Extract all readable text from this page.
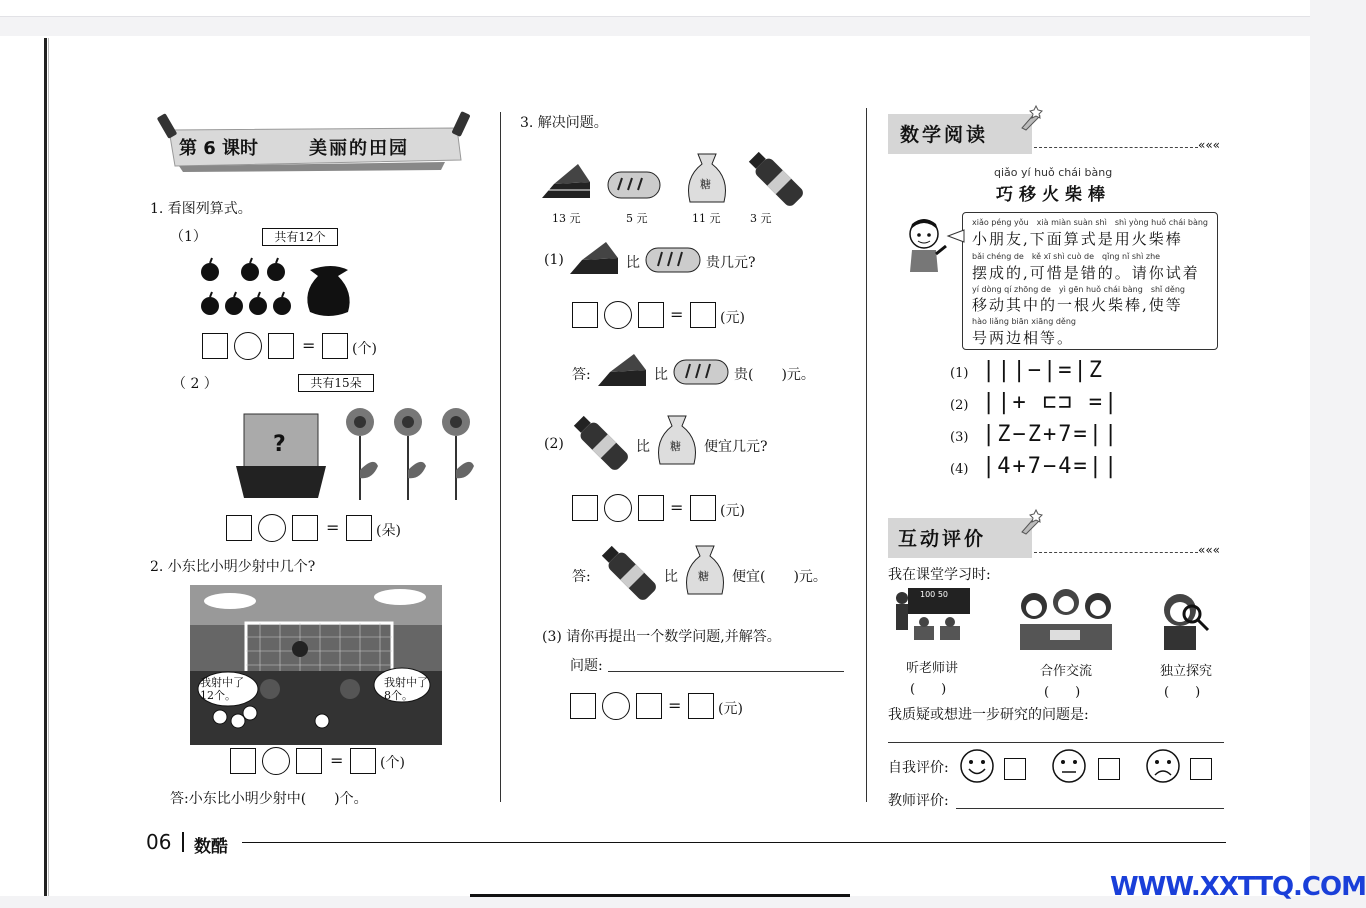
第 6 课时	美丽的田园
1. 看图列算式。
（1）	共有12个
=	(个)
（ 2 ）	共有15朵
?
=	(朵)
2. 小东比小明少射中几个?
我射中了12个。
我射中了8个。
=	(个)
答:小东比小明少射中(　　)个。
3. 解决问题。
糖
13 元	5 元	11 元	3 元
(1)	比	贵几元?
=	(元)
答:	比	贵(　　)元。
(2)	比 糖 便宜几元?
=	(元)
答:	比 糖 便宜(　　)元。
(3) 请你再提出一个数学问题,并解答。
问题:
=	(元)
数学阅读	«««
qiǎo yí huǒ chái bàng
巧移火柴棒
xiǎo péng yǒu　xià miàn suàn shì　shì yòng huǒ chái bàng
小朋友,下面算式是用火柴棒
bǎi chéng de　kě xī shì cuò de　qǐng nǐ shì zhe
摆成的,可惜是错的。请你试着
yí dòng qí zhōng de　yì gēn huǒ chái bàng　shǐ děng
移动其中的一根火柴棒,使等
hào liǎng biān xiāng děng
号两边相等。
(1) |||−|=|Z
(2) ||+ ⊏⊐ =|
(3) |Z−Z+7=||
(4) |4+7−4=||
互动评价	«««
我在课堂学习时:
100 50
听老师讲	合作交流	独立探究
(　　)	(　　)	(　　)
我质疑或想进一步研究的问题是:
自我评价:
教师评价:
06 数酷
WWW.XXTTQ.COM
